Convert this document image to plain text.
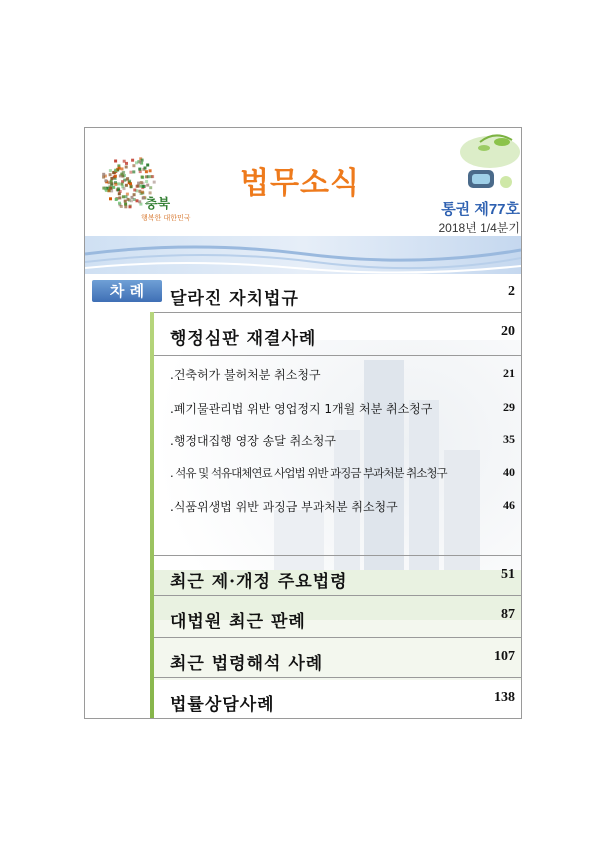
충북
행복한 대한민국
법무소식
통권 제77호
2018년 1/4분기
차 례	달라진 자치법규	2
행정심판 재결사례	20
.건축허가 불허처분 취소청구	21
.폐기물관리법 위반 영업정지 1개월 처분 취소청구	29
.행정대집행 영장 송달 취소청구	35
. 석유 및 석유대체연료 사업법 위반 과징금 부과처분 취소청구	40
.식품위생법 위반 과징금 부과처분 취소청구	46
최근 제·개정 주요법령	51
대법원 최근 판례	87
최근 법령해석 사례	107
법률상담사례	138
